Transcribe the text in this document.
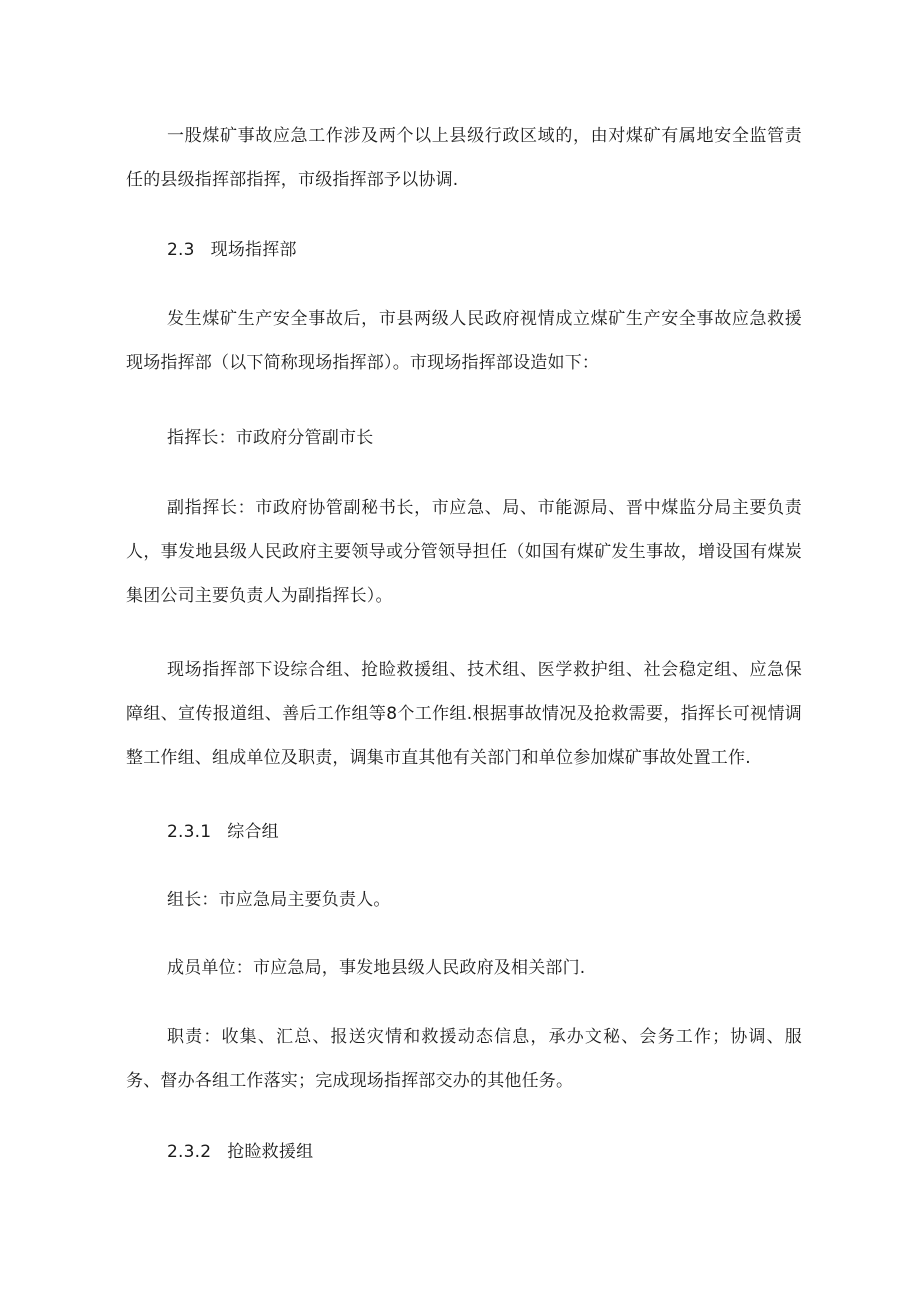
一股煤矿事故应急工作涉及两个以上县级行政区域的，由对煤矿有属地安全监管责任的县级指挥部指挥，市级指挥部予以协调.

2.3 现场指挥部

发生煤矿生产安全事故后，市县两级人民政府视情成立煤矿生产安全事故应急救援现场指挥部（以下简称现场指挥部）。市现场指挥部设造如下：

指挥长：市政府分管副市长

副指挥长：市政府协管副秘书长，市应急、局、市能源局、晋中煤监分局主要负责人，事发地县级人民政府主要领导或分管领导担任（如国有煤矿发生事故，增设国有煤炭集团公司主要负责人为副指挥长）。

现场指挥部下设综合组、抢睑救援组、技术组、医学救护组、社会稳定组、应急保障组、宣传报道组、善后工作组等8个工作组.根据事故情况及抢救需要，指挥长可视情调整工作组、组成单位及职责，调集市直其他有关部门和单位参加煤矿事故处置工作.

2.3.1 综合组

组长：市应急局主要负责人。

成员单位：市应急局，事发地县级人民政府及相关部门.

职责：收集、汇总、报送灾情和救援动态信息，承办文秘、会务工作；协调、服务、督办各组工作落实；完成现场指挥部交办的其他任务。

2.3.2 抢睑救援组
